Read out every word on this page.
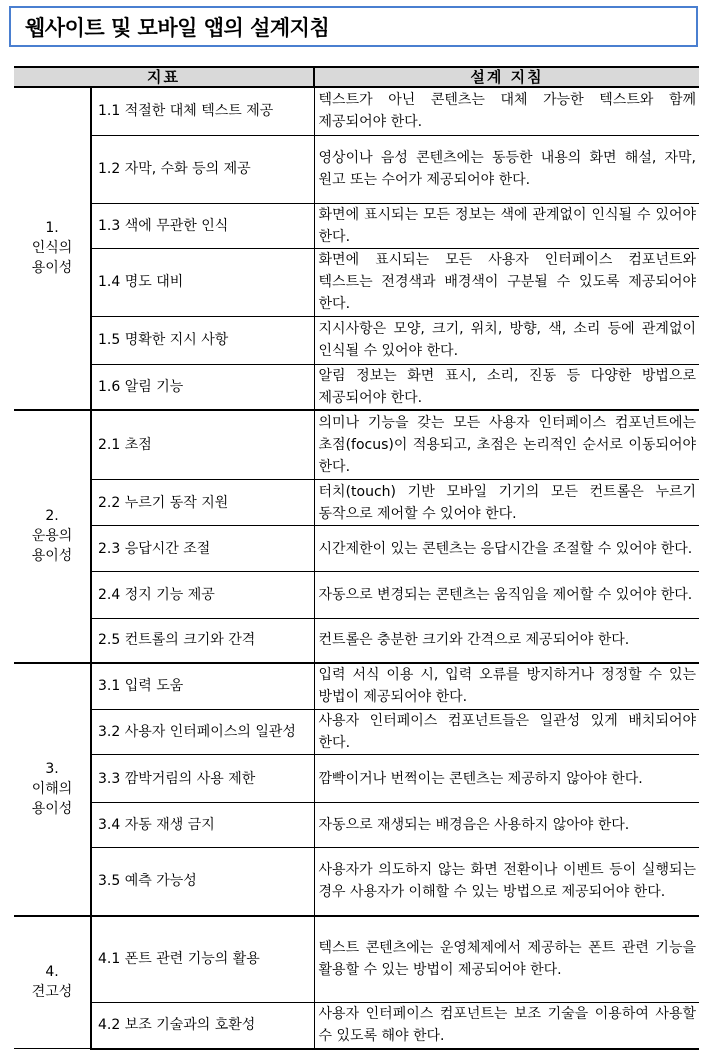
웹사이트 및 모바일 앱의 설계지침
지표		설계 지침

1.
인식의
용이성	1.1 적절한 대체 텍스트 제공	텍스트가 아닌 콘텐츠는 대체 가능한 텍스트와 함께 제공되어야 한다.
	1.2 자막, 수화 등의 제공	영상이나 음성 콘텐츠에는 동등한 내용의 화면 해설, 자막, 원고 또는 수어가 제공되어야 한다.
	1.3 색에 무관한 인식	화면에 표시되는 모든 정보는 색에 관계없이 인식될 수 있어야 한다.
	1.4 명도 대비	화면에 표시되는 모든 사용자 인터페이스 컴포넌트와 텍스트는 전경색과 배경색이 구분될 수 있도록 제공되어야 한다.
	1.5 명확한 지시 사항	지시사항은 모양, 크기, 위치, 방향, 색, 소리 등에 관계없이 인식될 수 있어야 한다.
	1.6 알림 기능	알림 정보는 화면 표시, 소리, 진동 등 다양한 방법으로 제공되어야 한다.

2.
운용의
용이성	2.1 초점	의미나 기능을 갖는 모든 사용자 인터페이스 컴포넌트에는 초점(focus)이 적용되고, 초점은 논리적인 순서로 이동되어야 한다.
	2.2 누르기 동작 지원	터치(touch) 기반 모바일 기기의 모든 컨트롤은 누르기 동작으로 제어할 수 있어야 한다.
	2.3 응답시간 조절	시간제한이 있는 콘텐츠는 응답시간을 조절할 수 있어야 한다.
	2.4 정지 기능 제공	자동으로 변경되는 콘텐츠는 움직임을 제어할 수 있어야 한다.
	2.5 컨트롤의 크기와 간격	컨트롤은 충분한 크기와 간격으로 제공되어야 한다.

3.
이해의
용이성	3.1 입력 도움	입력 서식 이용 시, 입력 오류를 방지하거나 정정할 수 있는 방법이 제공되어야 한다.
	3.2 사용자 인터페이스의 일관성	사용자 인터페이스 컴포넌트들은 일관성 있게 배치되어야 한다.
	3.3 깜박거림의 사용 제한	깜빡이거나 번쩍이는 콘텐츠는 제공하지 않아야 한다.
	3.4 자동 재생 금지	자동으로 재생되는 배경음은 사용하지 않아야 한다.
	3.5 예측 가능성	사용자가 의도하지 않는 화면 전환이나 이벤트 등이 실행되는 경우 사용자가 이해할 수 있는 방법으로 제공되어야 한다.

4.
견고성	4.1 폰트 관련 기능의 활용	텍스트 콘텐츠에는 운영체제에서 제공하는 폰트 관련 기능을 활용할 수 있는 방법이 제공되어야 한다.
	4.2 보조 기술과의 호환성	사용자 인터페이스 컴포넌트는 보조 기술을 이용하여 사용할 수 있도록 해야 한다.
